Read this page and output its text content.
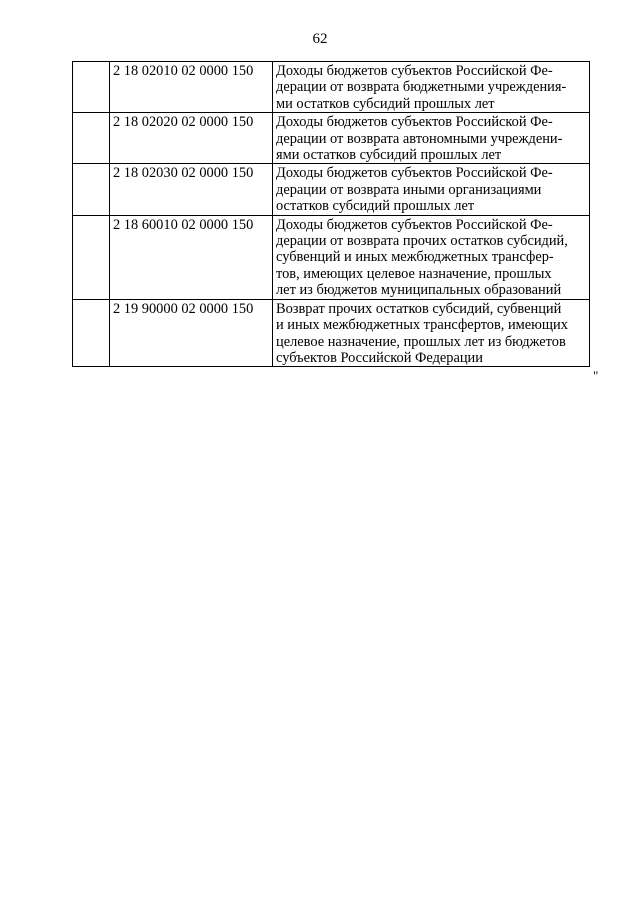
62
	2 18 02010 02 0000 150	Доходы бюджетов субъектов Российской Фе-
дерации от возврата бюджетными учреждения-
ми остатков субсидий прошлых лет

	2 18 02020 02 0000 150	Доходы бюджетов субъектов Российской Фе-
дерации от возврата автономными учреждени-
ями остатков субсидий прошлых лет

	2 18 02030 02 0000 150	Доходы бюджетов субъектов Российской Фе-
дерации от возврата иными организациями
остатков субсидий прошлых лет

	2 18 60010 02 0000 150	Доходы бюджетов субъектов Российской Фе-
дерации от возврата прочих остатков субсидий,
субвенций и иных межбюджетных трансфер-
тов, имеющих целевое назначение, прошлых
лет из бюджетов муниципальных образований

	2 19 90000 02 0000 150	Возврат прочих остатков субсидий, субвенций
и иных межбюджетных трансфертов, имеющих
целевое назначение, прошлых лет из бюджетов
субъектов Российской Федерации
"
